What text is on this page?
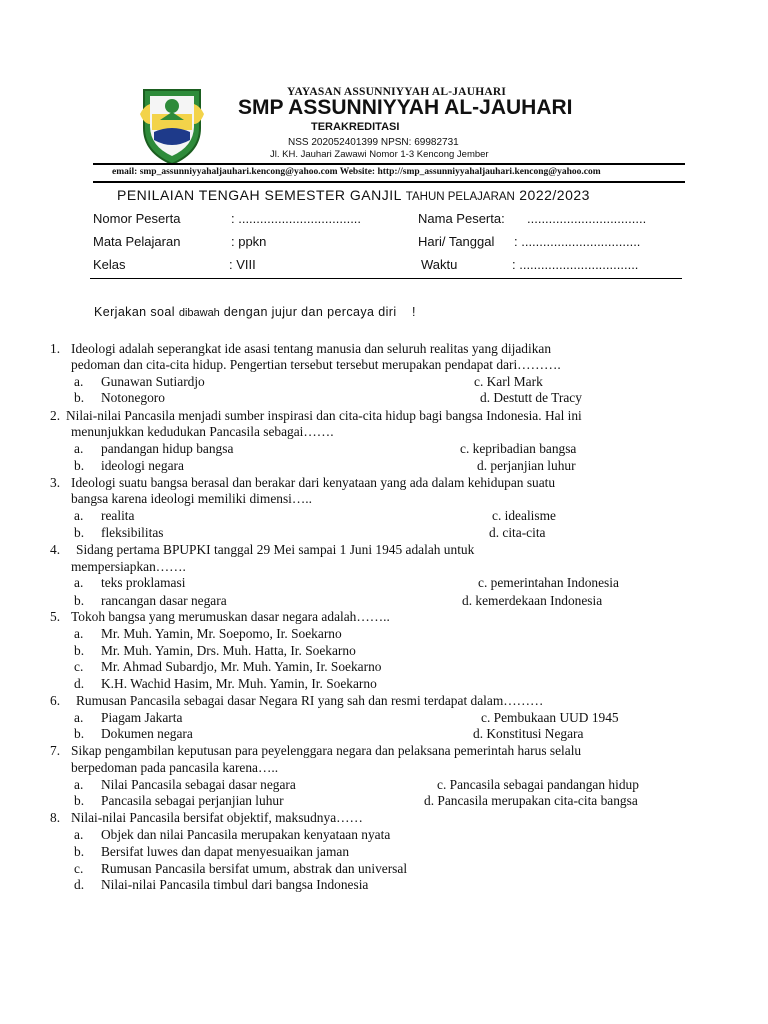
YAYASAN ASSUNNIYYAH AL-JAUHARI
SMP ASSUNNIYYAH AL-JAUHARI
TERAKREDITASI
NSS 202052401399 NPSN: 69982731
Jl. KH. Jauhari Zawawi Nomor 1-3 Kencong Jember
email: smp_assunniyyahaljauhari.kencong@yahoo.com Website: http://smp_assunniyyahaljauhari.kencong@yahoo.com
PENILAIAN TENGAH SEMESTER GANJIL TAHUN PELAJARAN 2022/2023
Nomor Peserta	: ..................................	Nama Peserta: .................................
Mata Pelajaran	: ppkn	Hari/ Tanggal : .................................
Kelas	: VIII	Waktu	: .................................
Kerjakan soal dibawah dengan jujur dan percaya diri !
1. Ideologi adalah seperangkat ide asasi tentang manusia dan seluruh realitas yang dijadikan
pedoman dan cita-cita hidup. Pengertian tersebut tersebut merupakan pendapat dari……….
a. Gunawan Sutiardjo	c. Karl Mark
b. Notonegoro	d. Destutt de Tracy
2. Nilai-nilai Pancasila menjadi sumber inspirasi dan cita-cita hidup bagi bangsa Indonesia. Hal ini
menunjukkan kedudukan Pancasila sebagai…….
a. pandangan hidup bangsa	c. kepribadian bangsa
b. ideologi negara	d. perjanjian luhur
3. Ideologi suatu bangsa berasal dan berakar dari kenyataan yang ada dalam kehidupan suatu
bangsa karena ideologi memiliki dimensi…..
a. realita	c. idealisme
b. fleksibilitas	d. cita-cita
4. Sidang pertama BPUPKI tanggal 29 Mei sampai 1 Juni 1945 adalah untuk
mempersiapkan…….
a. teks proklamasi	c. pemerintahan Indonesia
b. rancangan dasar negara	d. kemerdekaan Indonesia
5. Tokoh bangsa yang merumuskan dasar negara adalah……..
a. Mr. Muh. Yamin, Mr. Soepomo, Ir. Soekarno
b. Mr. Muh. Yamin, Drs. Muh. Hatta, Ir. Soekarno
c. Mr. Ahmad Subardjo, Mr. Muh. Yamin, Ir. Soekarno
d. K.H. Wachid Hasim, Mr. Muh. Yamin, Ir. Soekarno
6. Rumusan Pancasila sebagai dasar Negara RI yang sah dan resmi terdapat dalam………
a. Piagam Jakarta	c. Pembukaan UUD 1945
b. Dokumen negara	d. Konstitusi Negara
7. Sikap pengambilan keputusan para peyelenggara negara dan pelaksana pemerintah harus selalu
berpedoman pada pancasila karena…..
a. Nilai Pancasila sebagai dasar negara	c. Pancasila sebagai pandangan hidup
b. Pancasila sebagai perjanjian luhur	d. Pancasila merupakan cita-cita bangsa
8. Nilai-nilai Pancasila bersifat objektif, maksudnya……
a. Objek dan nilai Pancasila merupakan kenyataan nyata
b. Bersifat luwes dan dapat menyesuaikan jaman
c. Rumusan Pancasila bersifat umum, abstrak dan universal
d. Nilai-nilai Pancasila timbul dari bangsa Indonesia
